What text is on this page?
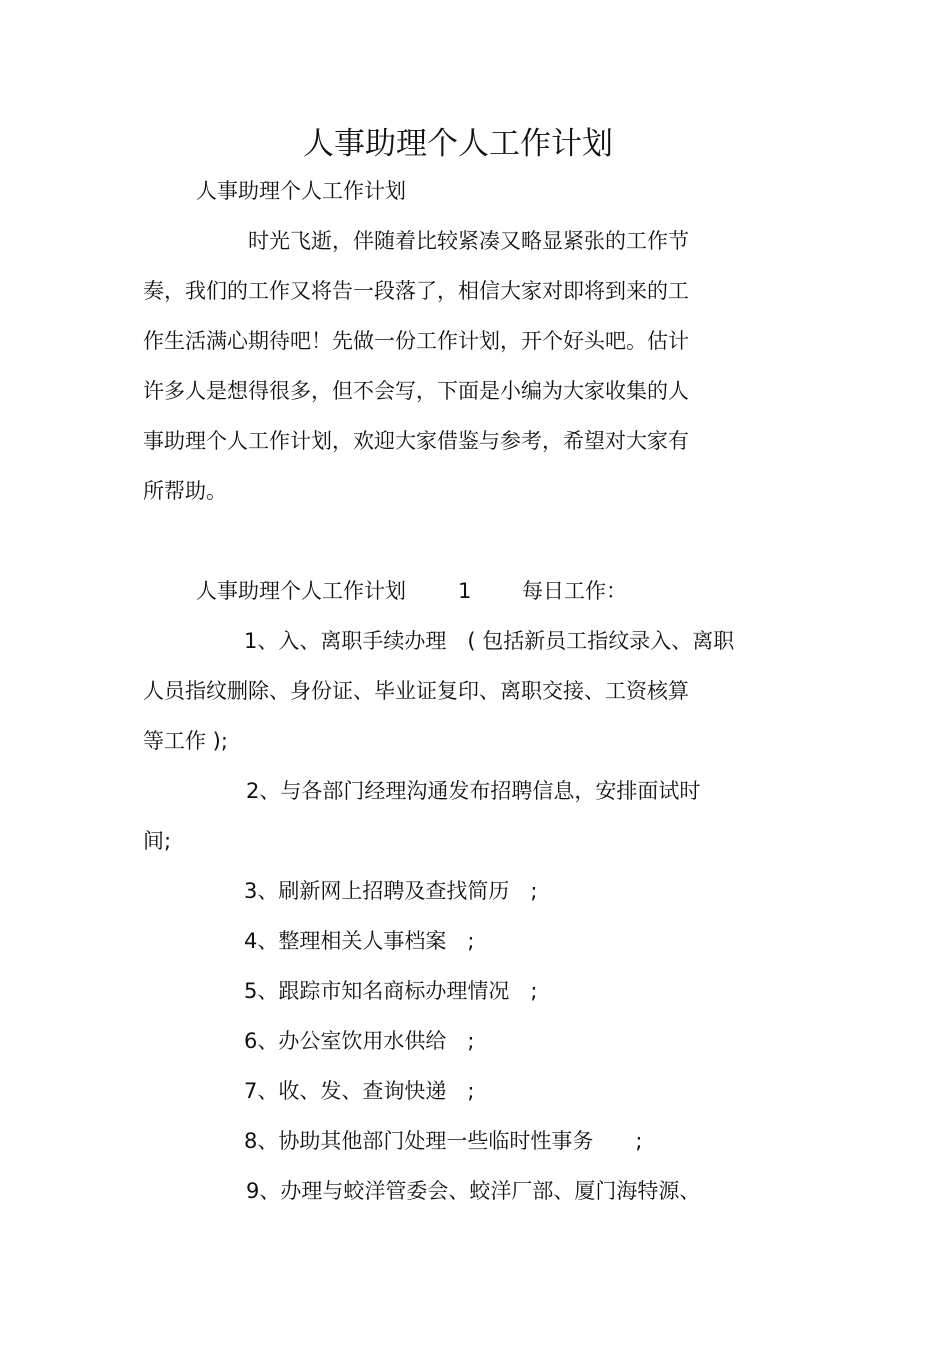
人事助理个人工作计划
人事助理个人工作计划
时光飞逝，伴随着比较紧凑又略显紧张的工作节
奏，我们的工作又将告一段落了，相信大家对即将到来的工
作生活满心期待吧！先做一份工作计划，开个好头吧。估计
许多人是想得很多，但不会写，下面是小编为大家收集的人
事助理个人工作计划，欢迎大家借鉴与参考，希望对大家有
所帮助。
人事助理个人工作计划 1 每日工作：
1、入、离职手续办理　( 包括新员工指纹录入、离职
人员指纹删除、身份证、毕业证复印、离职交接、工资核算
等工作 );
2、与各部门经理沟通发布招聘信息，安排面试时
间;
3、刷新网上招聘及查找简历　;
4、整理相关人事档案　;
5、跟踪市知名商标办理情况　;
6、办公室饮用水供给　;
7、收、发、查询快递　;
8、协助其他部门处理一些临时性事务　　;
9、办理与蛟洋管委会、蛟洋厂部、厦门海特源、
